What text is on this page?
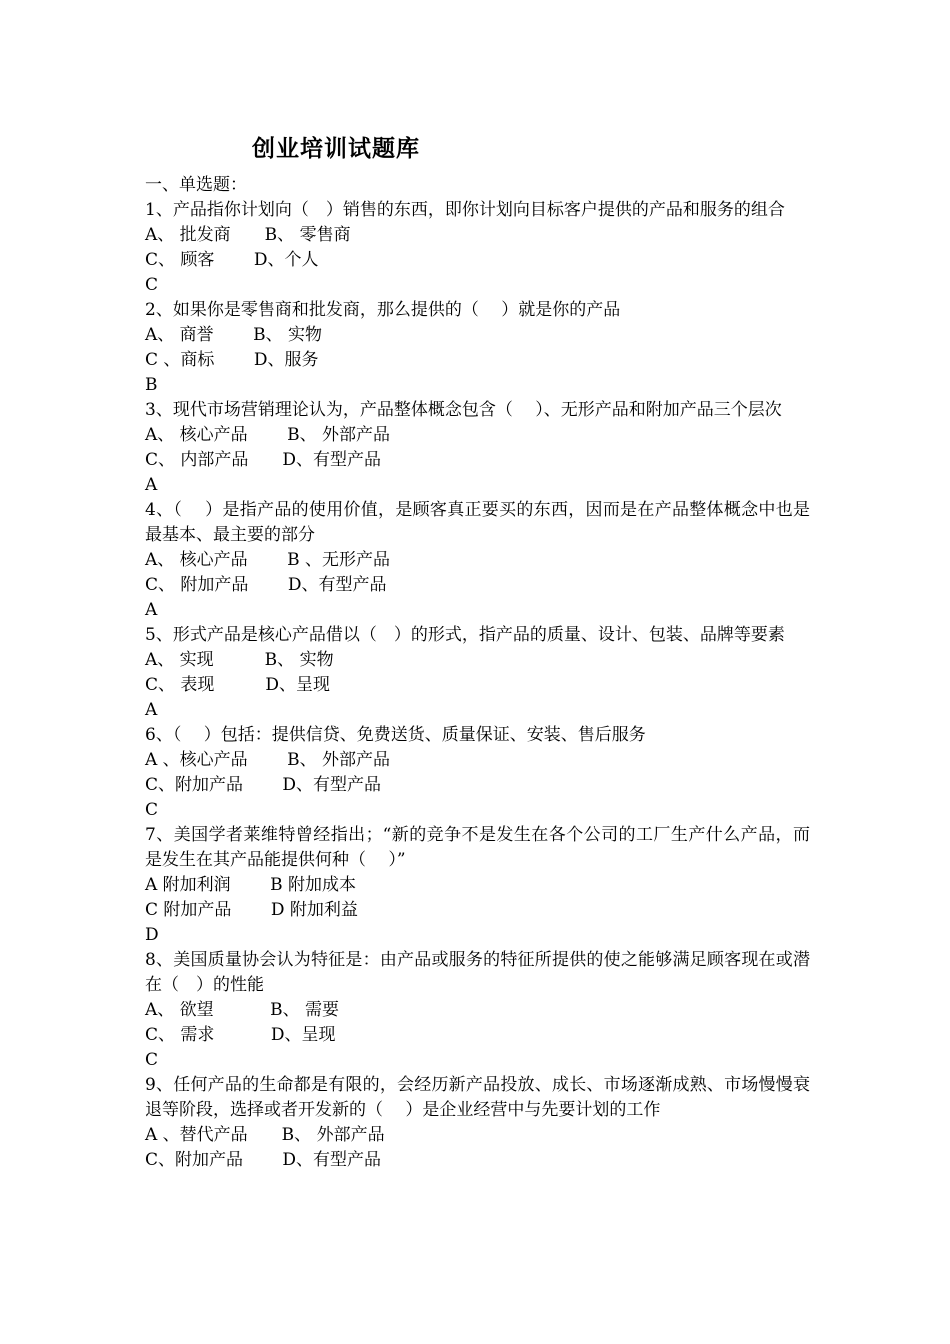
创业培训试题库
一、单选题：
1、产品指你计划向（　）销售的东西，即你计划向目标客户提供的产品和服务的组合
A、 批发商　　B、 零售商
C、 顾客　　 D、个人
C
2、如果你是零售商和批发商，那么提供的（　 ）就是你的产品
A、 商誉　　 B、 实物
C 、商标　　 D、服务
B
3、现代市场营销理论认为，产品整体概念包含（　 ）、无形产品和附加产品三个层次
A、 核心产品　　 B、 外部产品
C、 内部产品　　D、有型产品
A
4、（　 ）是指产品的使用价值，是顾客真正要买的东西，因而是在产品整体概念中也是最基本、最主要的部分
A、 核心产品　　 B 、无形产品
C、 附加产品　　 D、有型产品
A
5、形式产品是核心产品借以（　）的形式，指产品的质量、设计、包装、品牌等要素
A、 实现　　　B、 实物
C、 表现　　　D、呈现
A
6、（　 ）包括：提供信贷、免费送货、质量保证、安装、售后服务
A 、核心产品　　 B、 外部产品
C、附加产品　　 D、有型产品
C
7、美国学者莱维特曾经指出；“新的竞争不是发生在各个公司的工厂生产什么产品，而是发生在其产品能提供何种（　 ）”
A 附加利润　　 B 附加成本
C 附加产品　　 D 附加利益
D
8、美国质量协会认为特征是：由产品或服务的特征所提供的使之能够满足顾客现在或潜在（　）的性能
A、 欲望　　　 B、 需要
C、 需求　　　 D、呈现
C
9、任何产品的生命都是有限的，会经历新产品投放、成长、市场逐渐成熟、市场慢慢衰退等阶段，选择或者开发新的（　 ）是企业经营中与先要计划的工作
A 、替代产品　　B、 外部产品
C、附加产品　　 D、有型产品
